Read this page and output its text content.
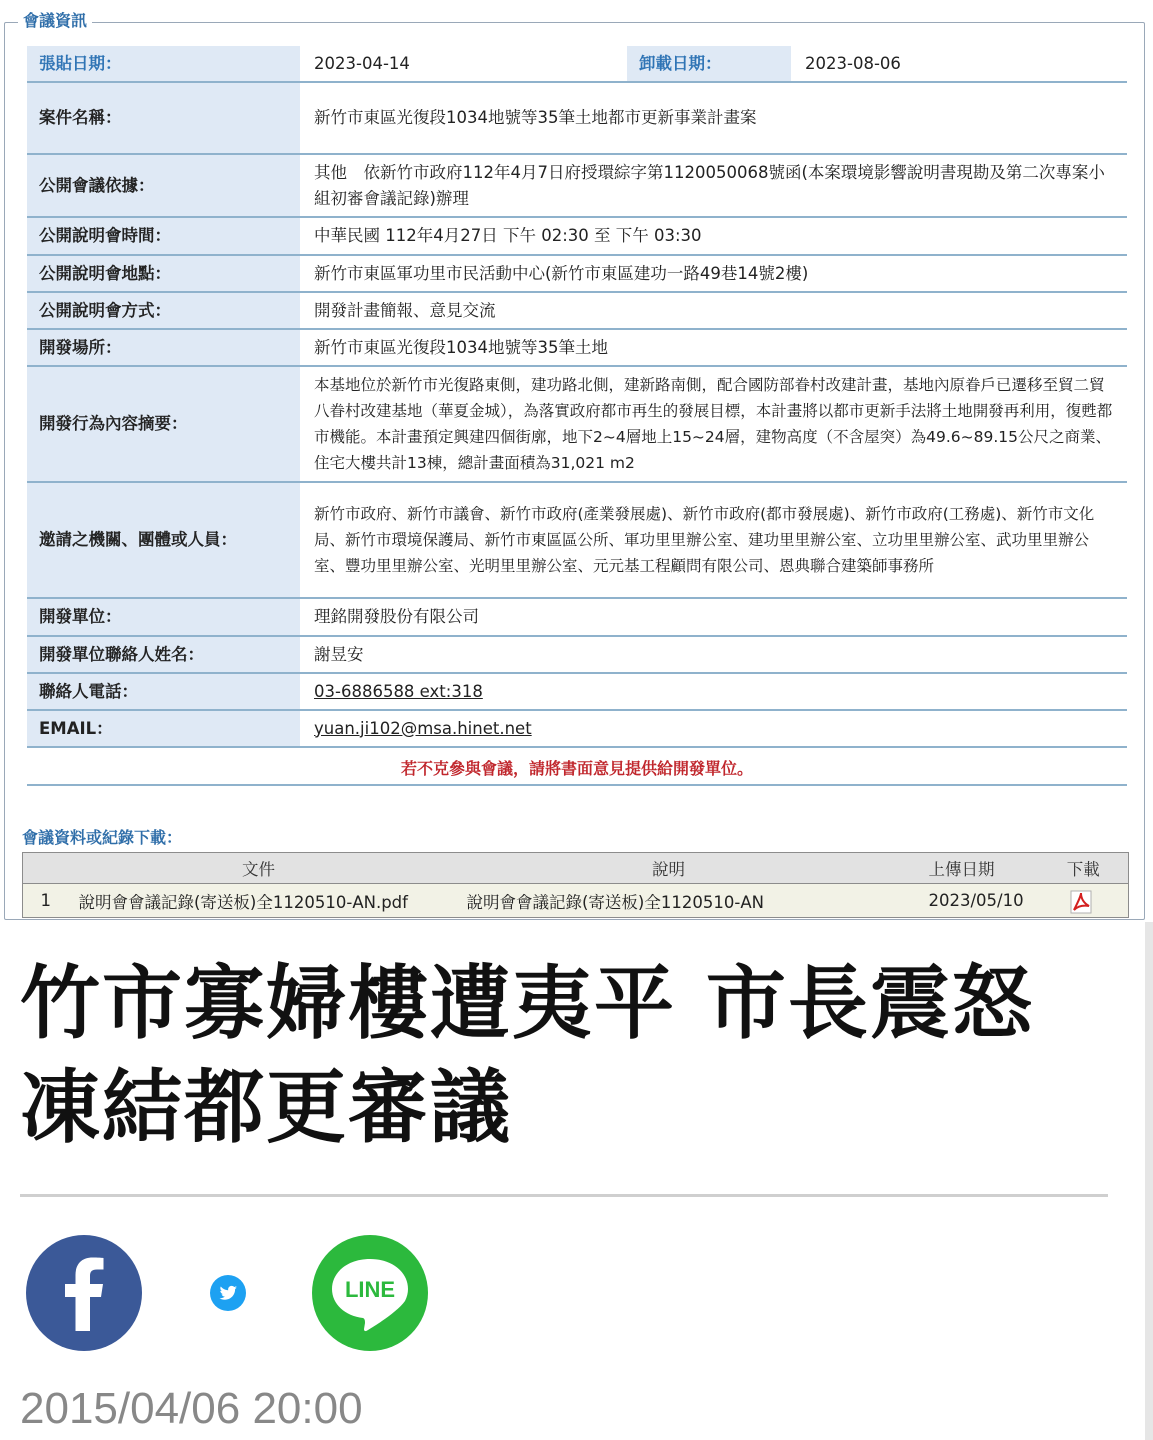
會議資訊
張貼日期：	2023-04-14	卸載日期：	2023-08-06
案件名稱：	新竹市東區光復段1034地號等35筆土地都市更新事業計畫案		
公開會議依據：	其他　依新竹市政府112年4月7日府授環綜字第1120050068號函(本案環境影響說明書現勘及第二次專案小組初審會議記錄)辦理		
公開說明會時間：	中華民國 112年4月27日 下午 02:30 至 下午 03:30		
公開說明會地點：	新竹市東區軍功里市民活動中心(新竹市東區建功一路49巷14號2樓)		
公開說明會方式：	開發計畫簡報、意見交流		
開發場所：	新竹市東區光復段1034地號等35筆土地		
開發行為內容摘要：	本基地位於新竹市光復路東側，建功路北側，建新路南側，配合國防部眷村改建計畫，基地內原眷戶已遷移至貿二貿八眷村改建基地（華夏金城），為落實政府都市再生的發展目標，本計畫將以都市更新手法將土地開發再利用，復甦都市機能。本計畫預定興建四個街廓，地下2~4層地上15~24層，建物高度（不含屋突）為49.6~89.15公尺之商業、住宅大樓共計13棟，總計畫面積為31,021 m2		
邀請之機關、團體或人員：	新竹市政府、新竹市議會、新竹市政府(產業發展處)、新竹市政府(都市發展處)、新竹市政府(工務處)、新竹市文化局、新竹市環境保護局、新竹市東區區公所、軍功里里辦公室、建功里里辦公室、立功里里辦公室、武功里里辦公室、豐功里里辦公室、光明里里辦公室、元元基工程顧問有限公司、恩典聯合建築師事務所		
開發單位：	理銘開發股份有限公司		
開發單位聯絡人姓名：	謝昱安		
聯絡人電話：	03-6886588 ext:318		
EMAIL：	yuan.ji102@msa.hinet.net		
若不克參與會議，請將書面意見提供給開發單位。
會議資料或紀錄下載：
	文件	說明	上傳日期	下載
1	說明會會議記錄(寄送板)全1120510-AN.pdf	說明會會議記錄(寄送板)全1120510-AN	2023/05/10	
竹市寡婦樓遭夷平 市長震怒
凍結都更審議
LINE
2015/04/06 20:00
